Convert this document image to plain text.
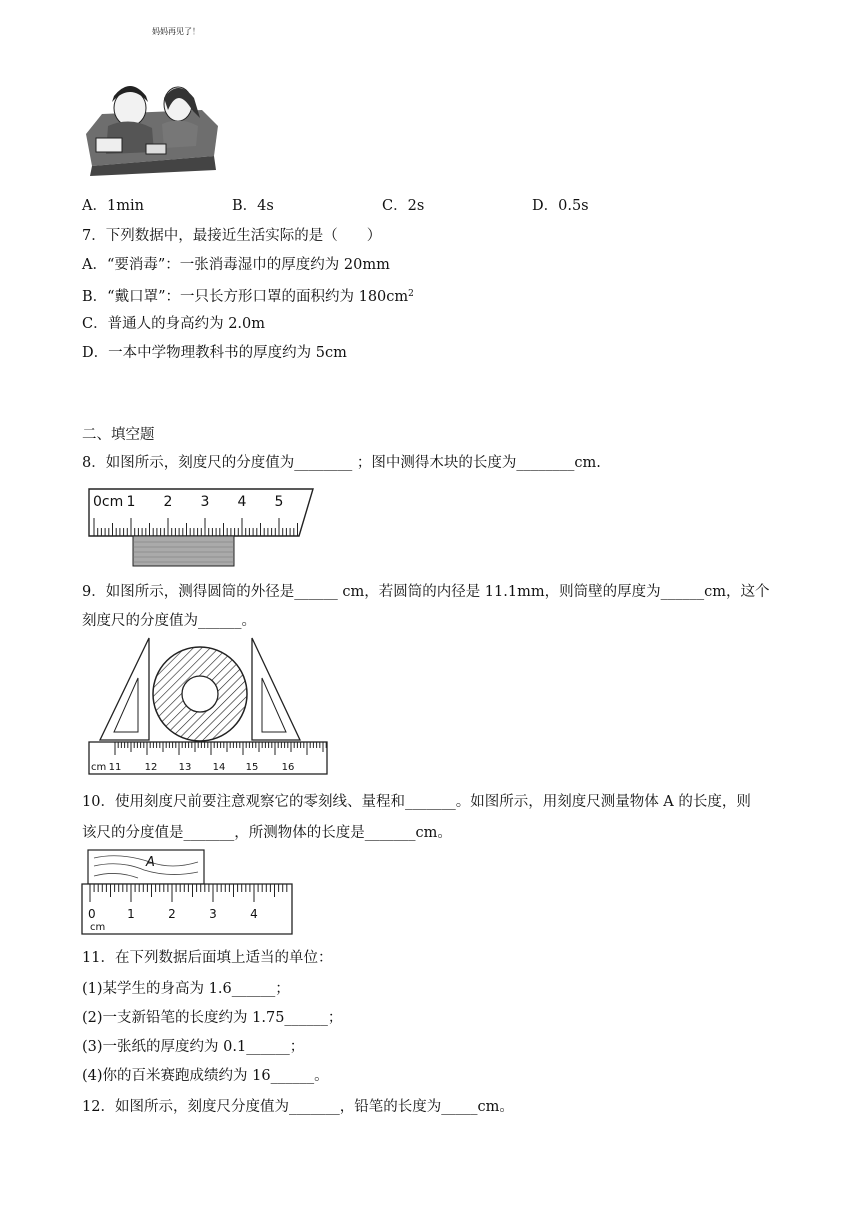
妈妈再见了！
A．1min	B．4s	C．2s	D．0.5s
7．下列数据中，最接近生活实际的是（　　）
A．“要消毒”：一张消毒湿巾的厚度约为 20mm
B．“戴口罩”：一只长方形口罩的面积约为 $180cm^2$
C．普通人的身高约为 2.0m
D．一本中学物理教科书的厚度约为 5cm
二、填空题
8．如图所示，刻度尺的分度值为________ ；图中测得木块的长度为________cm.
0cm 1 2 3 4 5
9．如图所示，测得圆筒的外径是______ cm，若圆筒的内径是 11.1mm，则筒壁的厚度为______cm，这个
刻度尺的分度值为______。
cm 11 12 13 14 15 16
10．使用刻度尺前要注意观察它的零刻线、量程和_______。如图所示，用刻度尺测量物体 A 的长度，则
该尺的分度值是_______，所测物体的长度是_______cm。
A
0	1	2	3	4
cm
11．在下列数据后面填上适当的单位：
(1)某学生的身高为 1.6______；
(2)一支新铅笔的长度约为 1.75______；
(3)一张纸的厚度约为 0.1______；
(4)你的百米赛跑成绩约为 16______。
12．如图所示，刻度尺分度值为_______，铅笔的长度为_____cm。
